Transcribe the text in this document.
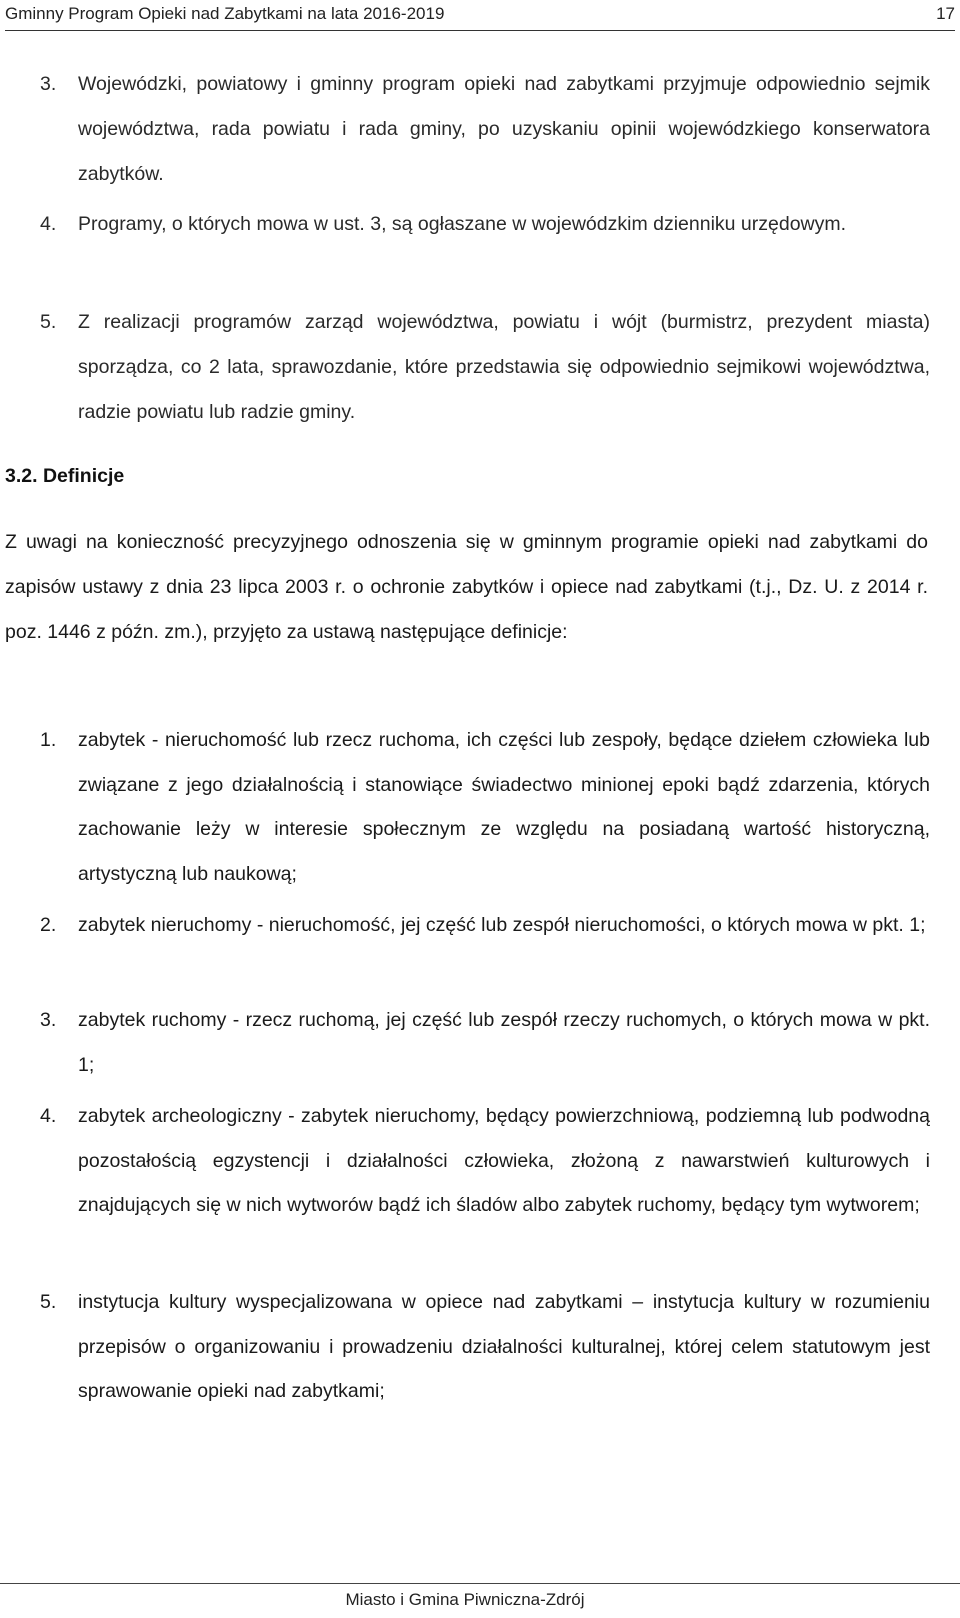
Gminny Program Opieki nad Zabytkami na lata 2016-2019	17
3. Wojewódzki, powiatowy i gminny program opieki nad zabytkami przyjmuje odpowiednio sejmik województwa, rada powiatu i rada gminy, po uzyskaniu opinii wojewódzkiego konserwatora zabytków.
4. Programy, o których mowa w ust. 3, są ogłaszane w wojewódzkim dzienniku urzędowym.
5. Z realizacji programów zarząd województwa, powiatu i wójt (burmistrz, prezydent miasta) sporządza, co 2 lata, sprawozdanie, które przedstawia się odpowiednio sejmikowi województwa, radzie powiatu lub radzie gminy.
3.2. Definicje
Z uwagi na konieczność precyzyjnego odnoszenia się w gminnym programie opieki nad zabytkami do zapisów ustawy z dnia 23 lipca 2003 r. o ochronie zabytków i opiece nad zabytkami (t.j., Dz. U. z 2014 r. poz. 1446 z późn. zm.), przyjęto za ustawą następujące definicje:
1. zabytek - nieruchomość lub rzecz ruchoma, ich części lub zespoły, będące dziełem człowieka lub związane z jego działalnością i stanowiące świadectwo minionej epoki bądź zdarzenia, których zachowanie leży w interesie społecznym ze względu na posiadaną wartość historyczną, artystyczną lub naukową;
2. zabytek nieruchomy - nieruchomość, jej część lub zespół nieruchomości, o których mowa w pkt. 1;
3. zabytek ruchomy - rzecz ruchomą, jej część lub zespół rzeczy ruchomych, o których mowa w pkt. 1;
4. zabytek archeologiczny - zabytek nieruchomy, będący powierzchniową, podziemną lub podwodną pozostałością egzystencji i działalności człowieka, złożoną z nawarstwień kulturowych i znajdujących się w nich wytworów bądź ich śladów albo zabytek ruchomy, będący tym wytworem;
5. instytucja kultury wyspecjalizowana w opiece nad zabytkami – instytucja kultury w rozumieniu przepisów o organizowaniu i prowadzeniu działalności kulturalnej, której celem statutowym jest sprawowanie opieki nad zabytkami;
Miasto i Gmina Piwniczna-Zdrój
